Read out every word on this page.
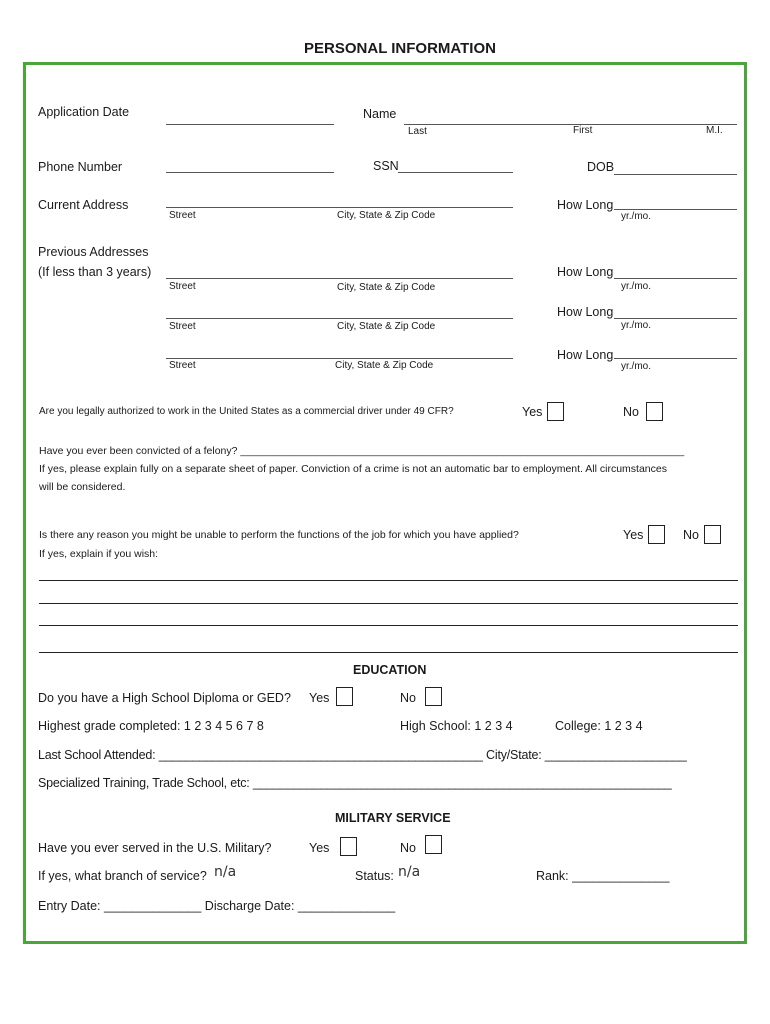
PERSONAL INFORMATION
Application Date	Name
Last	First	M.I.
Phone Number	SSN	DOB
Current Address
Street	City, State & Zip Code
How Long
yr./mo.
Previous Addresses
(If less than 3 years)
Street	City, State & Zip Code
How Long
yr./mo.
Street	City, State & Zip Code
How Long
yr./mo.
Street	City, State & Zip Code
How Long
yr./mo.
Are you legally authorized to work in the United States as a commercial driver under 49 CFR?	Yes	No
Have you ever been convicted of a felony? ____________________________________________________________________________
If yes, please explain fully on a separate sheet of paper. Conviction of a crime is not an automatic bar to employment. All circumstances
will be considered.
Is there any reason you might be unable to perform the functions of the job for which you have applied?	Yes	No
If yes, explain if you wish:
EDUCATION
Do you have a High School Diploma or GED? Yes	No
Highest grade completed: 1 2 3 4 5 6 7 8	High School: 1 2 3 4	College: 1 2 3 4
Last School Attended: ________________________________________________ City/State: _____________________
Specialized Training, Trade School, etc: ______________________________________________________________
MILITARY SERVICE
Have you ever served in the U.S. Military?	Yes	No
If yes, what branch of service? n/a	Status: n/a	Rank: ______________
Entry Date: ______________ Discharge Date: ______________
